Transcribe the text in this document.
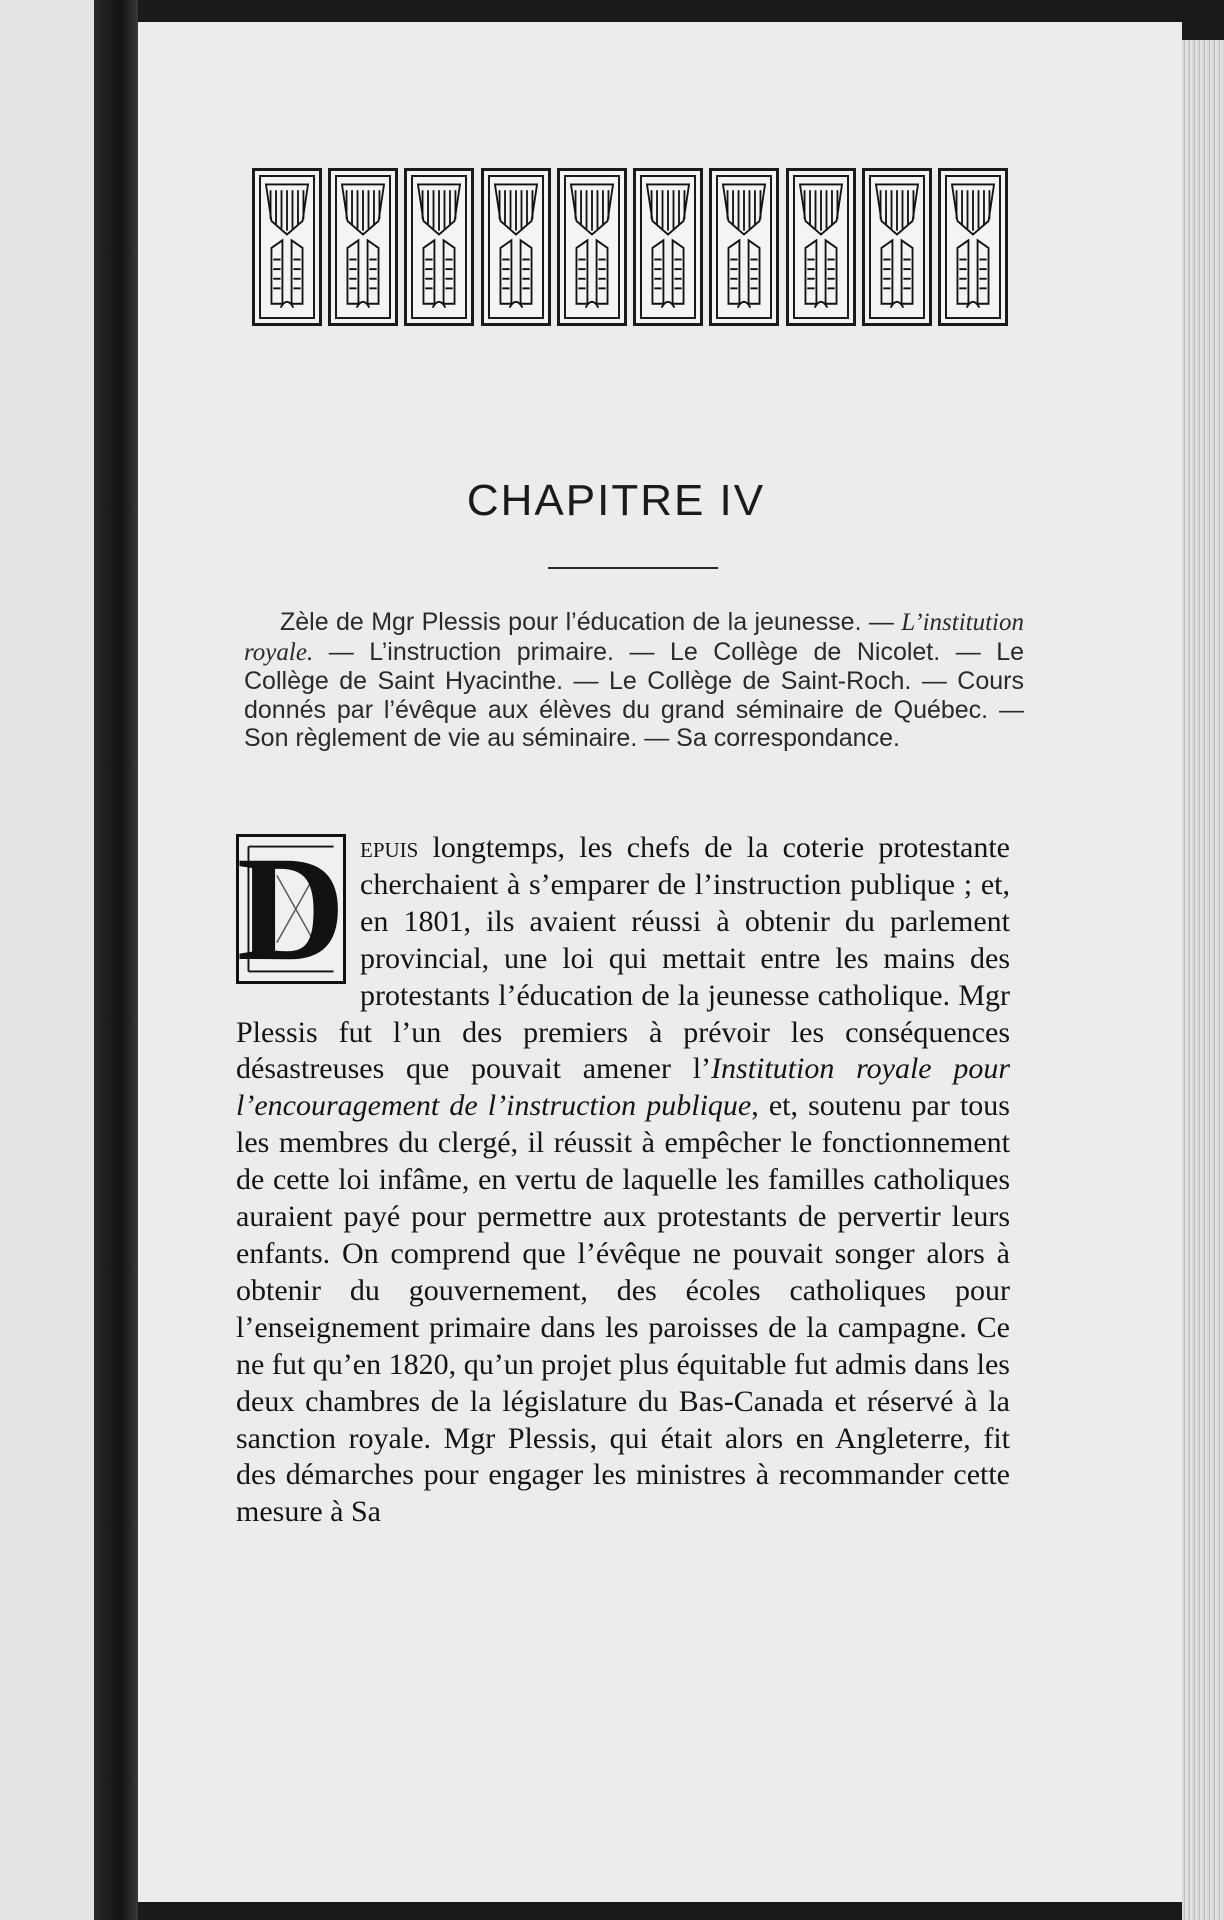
CHAPITRE IV
Zèle de Mgr Plessis pour l’éducation de la jeunesse. — L’institution royale. — L’instruction primaire. — Le Collège de Nicolet. — Le Collège de Saint Hyacinthe. — Le Collège de Saint-Roch. — Cours donnés par l’évêque aux élèves du grand séminaire de Québec. — Son règlement de vie au séminaire. — Sa correspondance.
D epuis longtemps, les chefs de la coterie protestante cherchaient à s’emparer de l’instruction publique ; et, en 1801, ils avaient réussi à obtenir du parlement provincial, une loi qui mettait entre les mains des protestants l’éducation de la jeunesse catholique. Mgr Plessis fut l’un des premiers à prévoir les conséquences désastreuses que pouvait amener l’Institution royale pour l’encouragement de l’instruction publique, et, soutenu par tous les membres du clergé, il réussit à empêcher le fonctionnement de cette loi infâme, en vertu de laquelle les familles catholiques auraient payé pour permettre aux protestants de pervertir leurs enfants. On comprend que l’évêque ne pouvait songer alors à obtenir du gouvernement, des écoles catholiques pour l’enseignement primaire dans les paroisses de la campagne. Ce ne fut qu’en 1820, qu’un projet plus équitable fut admis dans les deux chambres de la législature du Bas-Canada et réservé à la sanction royale. Mgr Plessis, qui était alors en Angleterre, fit des démarches pour engager les ministres à recommander cette mesure à Sa
